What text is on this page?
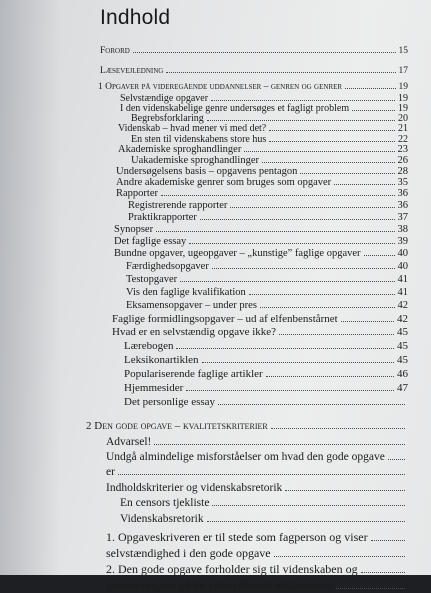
Indhold
Forord	15
Læsevejledning	17
1 Opgaver på videregående uddannelser – genren og genrer	19
Selvstændige opgaver	19
I den videnskabelige genre undersøges et fagligt problem	19
Begrebsforklaring	20
Videnskab – hvad mener vi med det?	21
En sten til videnskabens store hus	22
Akademiske sproghandlinger	23
Uakademiske sproghandlinger	26
Undersøgelsens basis – opgavens pentagon	28
Andre akademiske genrer som bruges som opgaver	35
Rapporter	36
Registrerende rapporter	36
Praktikrapporter	37
Synopser	38
Det faglige essay	39
Bundne opgaver, ugeopgaver – „kunstige” faglige opgaver	40
Færdighedsopgaver	40
Testopgaver	41
Vis den faglige kvalifikation	41
Eksamensopgaver – under pres	42
Faglige formidlingsopgaver – ud af elfenbenstårnet	42
Hvad er en selvstændig opgave ikke?	45
Lærebogen	45
Leksikonartiklen	45
Populariserende faglige artikler	46
Hjemmesider	47
Det personlige essay
2 Den gode opgave – kvalitetskriterier
Advarsel!
Undgå almindelige misforståelser om hvad den gode opgave
er
Indholdskriterier og videnskabsretorik
En censors tjekliste
Videnskabsretorik
1. Opgaveskriveren er til stede som fagperson og viser
selvstændighed i den gode opgave
2. Den gode opgave forholder sig til videnskaben og
genren opgave på de videregående uddannelser
